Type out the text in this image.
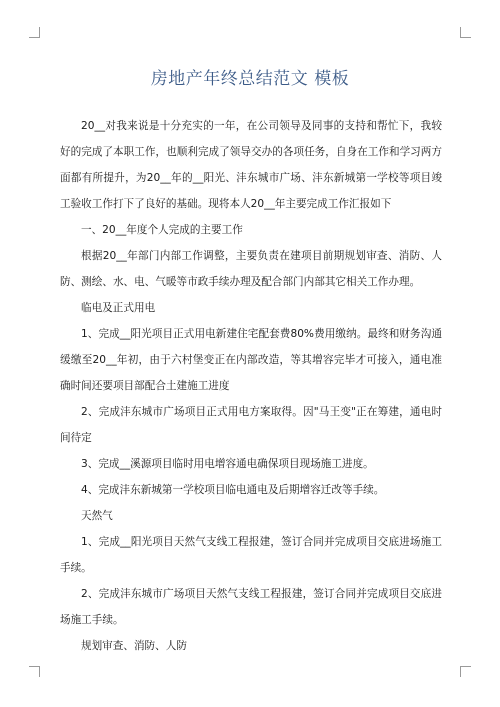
房地产年终总结范文 模板

20__对我来说是十分充实的一年，在公司领导及同事的支持和帮忙下，我较好的完成了本职工作，也顺利完成了领导交办的各项任务，自身在工作和学习两方面都有所提升，为20__年的__阳光、沣东城市广场、沣东新城第一学校等项目竣工验收工作打下了良好的基础。现将本人20__年主要完成工作汇报如下

一、20__年度个人完成的主要工作

根据20__年部门内部工作调整，主要负责在建项目前期规划审查、消防、人防、测绘、水、电、气暖等市政手续办理及配合部门内部其它相关工作办理。

临电及正式用电

1、完成__阳光项目正式用电新建住宅配套费80%费用缴纳。最终和财务沟通缓缴至20__年初，由于六村堡变正在内部改造，等其增容完毕才可接入，通电准确时间还要项目部配合土建施工进度

2、完成沣东城市广场项目正式用电方案取得。因"马王变"正在筹建，通电时间待定

3、完成__溪源项目临时用电增容通电确保项目现场施工进度。

4、完成沣东新城第一学校项目临电通电及后期增容迁改等手续。

天然气

1、完成__阳光项目天然气支线工程报建，签订合同并完成项目交底进场施工手续。

2、完成沣东城市广场项目天然气支线工程报建，签订合同并完成项目交底进场施工手续。

规划审查、消防、人防
